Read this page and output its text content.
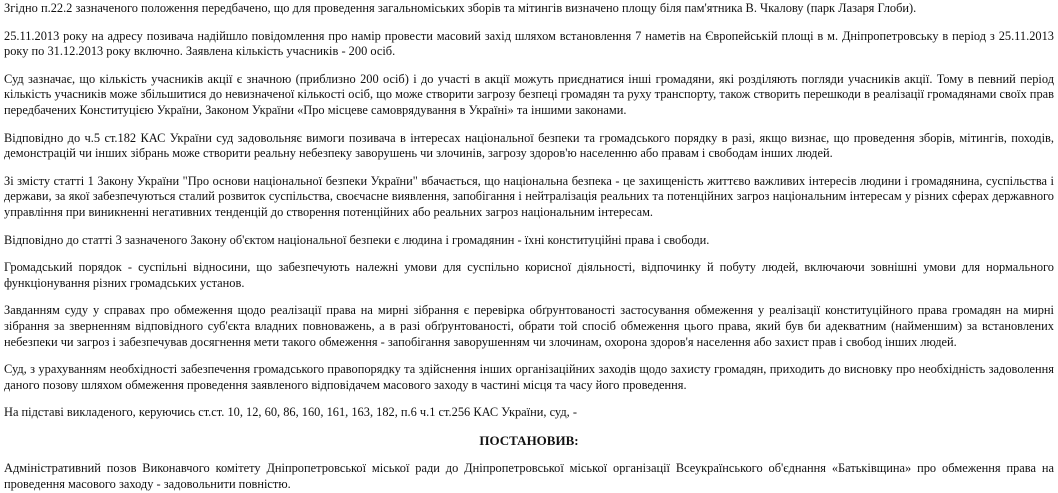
Згідно п.22.2 зазначеного положення передбачено, що для проведення загальноміських зборів та мітингів визначено площу біля пам'ятника В. Чкалову (парк Лазаря Глоби).

25.11.2013 року на адресу позивача надійшло повідомлення про намір провести масовий захід шляхом встановлення 7 наметів на Європейській площі в м. Дніпропетровську в період з 25.11.2013 року по 31.12.2013 року включно. Заявлена кількість учасників - 200 осіб.

Суд зазначає, що кількість учасників акції є значною (приблизно 200 осіб) і до участі в акції можуть приєднатися інші громадяни, які розділяють погляди учасників акції. Тому в певний період кількість учасників може збільшитися до невизначеної кількості осіб, що може створити загрозу безпеці громадян та руху транспорту, також створить перешкоди в реалізації громадянами своїх прав передбачених Конституцією України, Законом України «Про місцеве самоврядування в Україні» та іншими законами.

Відповідно до ч.5 ст.182 КАС України суд задовольняє вимоги позивача в інтересах національної безпеки та громадського порядку в разі, якщо визнає, що проведення зборів, мітингів, походів, демонстрацій чи інших зібрань може створити реальну небезпеку заворушень чи злочинів, загрозу здоров'ю населенню або правам і свободам інших людей.

Зі змісту статті 1 Закону України "Про основи національної безпеки України" вбачається, що національна безпека - це захищеність життєво важливих інтересів людини і громадянина, суспільства і держави, за якої забезпечуються сталий розвиток суспільства, своєчасне виявлення, запобігання і нейтралізація реальних та потенційних загроз національним інтересам у різних сферах державного управління при виникненні негативних тенденцій до створення потенційних або реальних загроз національним інтересам.

Відповідно до статті 3 зазначеного Закону об'єктом національної безпеки є людина і громадянин - їхні конституційні права і свободи.

Громадський порядок - суспільні відносини, що забезпечують належні умови для суспільно корисної діяльності, відпочинку й побуту людей, включаючи зовнішні умови для нормального функціонування різних громадських установ.

Завданням суду у справах про обмеження щодо реалізації права на мирні зібрання є перевірка обґрунтованості застосування обмеження у реалізації конституційного права громадян на мирні зібрання за зверненням відповідного суб'єкта владних повноважень, а в разі обґрунтованості, обрати той спосіб обмеження цього права, який був би адекватним (найменшим) за встановлених небезпеки чи загроз і забезпечував досягнення мети такого обмеження - запобігання заворушенням чи злочинам, охорона здоров'я населення або захист прав і свобод інших людей.

Суд, з урахуванням необхідності забезпечення громадського правопорядку та здійснення інших організаційних заходів щодо захисту громадян, приходить до висновку про необхідність задоволення даного позову шляхом обмеження проведення заявленого відповідачем масового заходу в частині місця та часу його проведення.

На підставі викладеного, керуючись ст.ст. 10, 12, 60, 86, 160, 161, 163, 182, п.6 ч.1 ст.256 КАС України, суд, -

ПОСТАНОВИВ:

Адміністративний позов Виконавчого комітету Дніпропетровської міської ради до Дніпропетровської міської організації Всеукраїнського об'єднання «Батьківщина» про обмеження права на проведення масового заходу - задовольнити повністю.
